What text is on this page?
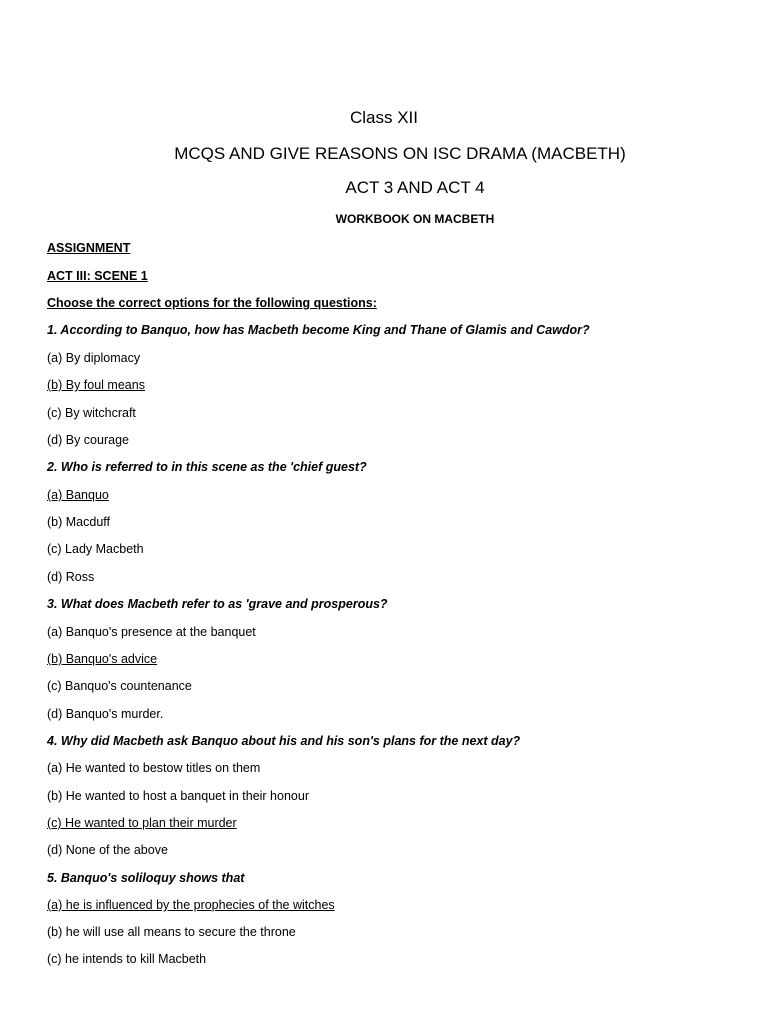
Class XII
MCQS AND GIVE REASONS ON ISC DRAMA (MACBETH)
ACT 3 AND ACT 4
WORKBOOK ON MACBETH
ASSIGNMENT
ACT III: SCENE 1
Choose the correct options for the following questions:
1. According to Banquo, how has Macbeth become King and Thane of Glamis and Cawdor?
(a) By diplomacy
(b) By foul means
(c) By witchcraft
(d) By courage
2. Who is referred to in this scene as the 'chief guest?
(a) Banquo
(b) Macduff
(c) Lady Macbeth
(d) Ross
3. What does Macbeth refer to as 'grave and prosperous?
(a) Banquo's presence at the banquet
(b) Banquo's advice
(c) Banquo's countenance
(d) Banquo's murder.
4. Why did Macbeth ask Banquo about his and his son's plans for the next day?
(a) He wanted to bestow titles on them
(b) He wanted to host a banquet in their honour
(c) He wanted to plan their murder
(d) None of the above
5. Banquo's soliloquy shows that
(a) he is influenced by the prophecies of the witches
(b) he will use all means to secure the throne
(c) he intends to kill Macbeth
